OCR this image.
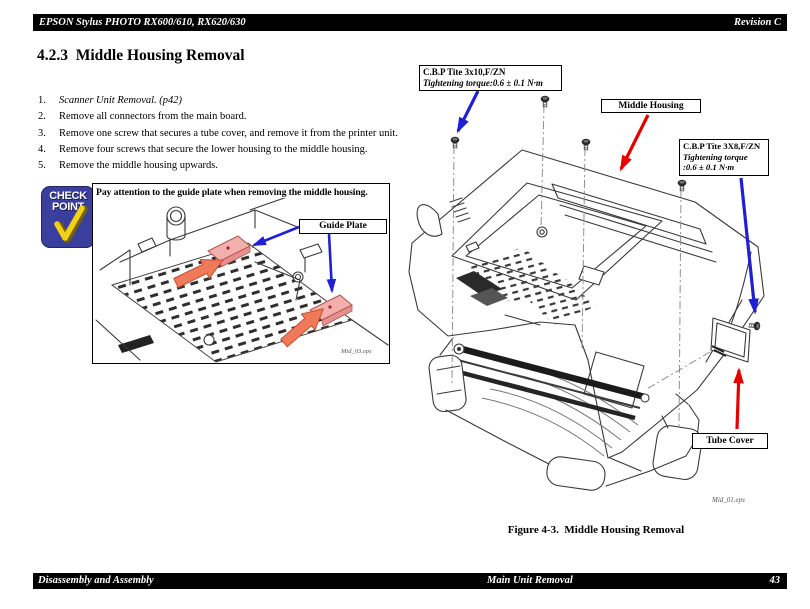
EPSON Stylus PHOTO RX600/610, RX620/630	Revision C
4.2.3  Middle Housing Removal
1.	Scanner Unit Removal. (p42)
2.	Remove all connectors from the main board.
3.	Remove one screw that secures a tube cover, and remove it from the printer unit.
4.	Remove four screws that secure the lower housing to the middle housing.
5.	Remove the middle housing upwards.
CHECK
POINT
Pay attention to the guide plate when removing the middle housing.
Guide Plate
Mid_03.eps
C.B.P Tite 3x10,F/ZN
Tightening torque:0.6 ± 0.1 N·m
Middle Housing
C.B.P Tite 3X8,F/ZN
Tightening torque
:0.6 ± 0.1 N·m
Tube Cover
Mid_01.eps
Figure 4-3.  Middle Housing Removal
Disassembly and Assembly	Main Unit Removal	43
